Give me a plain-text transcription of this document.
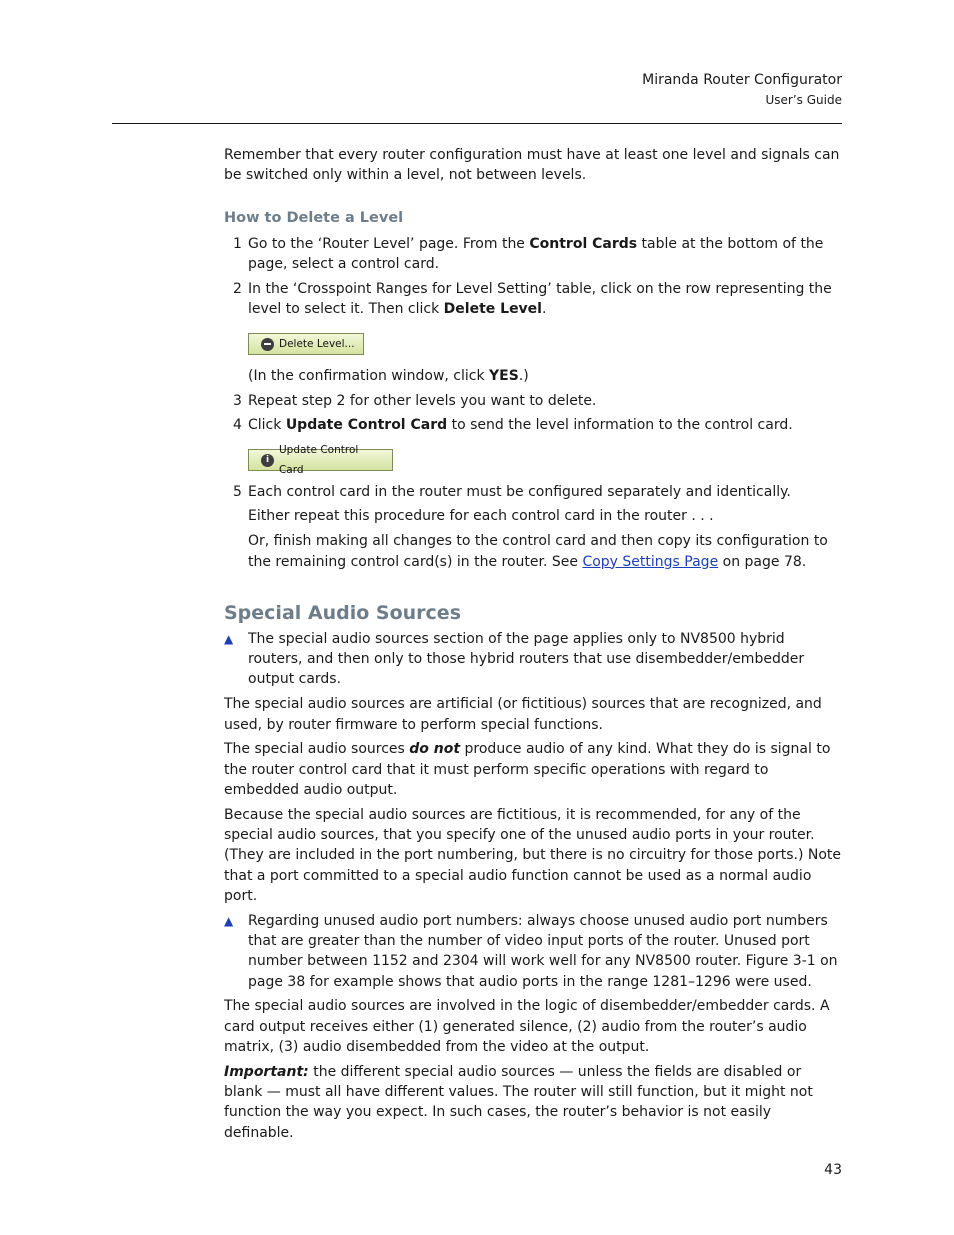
Miranda Router Configurator
User’s Guide

Remember that every router configuration must have at least one level and signals can be switched only within a level, not between levels.

How to Delete a Level
1 Go to the ‘Router Level’ page. From the Control Cards table at the bottom of the page, select a control card.
2 In the ‘Crosspoint Ranges for Level Setting’ table, click on the row representing the level to select it. Then click Delete Level.
Delete Level...
(In the confirmation window, click YES.)
3 Repeat step 2 for other levels you want to delete.
4 Click Update Control Card to send the level information to the control card.
i
Update Control Card
5 Each control card in the router must be configured separately and identically.
Either repeat this procedure for each control card in the router . . .
Or, finish making all changes to the control card and then copy its configuration to the remaining control card(s) in the router. See Copy Settings Page on page 78.
Special Audio Sources
▲ The special audio sources section of the page applies only to NV8500 hybrid routers, and then only to those hybrid routers that use disembedder/embedder output cards.

The special audio sources are artificial (or fictitious) sources that are recognized, and used, by router firmware to perform special functions.

The special audio sources do not produce audio of any kind. What they do is signal to the router control card that it must perform specific operations with regard to embedded audio output.

Because the special audio sources are fictitious, it is recommended, for any of the special audio sources, that you specify one of the unused audio ports in your router. (They are included in the port numbering, but there is no circuitry for those ports.) Note that a port committed to a special audio function cannot be used as a normal audio port.

▲ Regarding unused audio port numbers: always choose unused audio port numbers that are greater than the number of video input ports of the router. Unused port number between 1152 and 2304 will work well for any NV8500 router. Figure 3-1 on page 38 for example shows that audio ports in the range 1281–1296 were used.

The special audio sources are involved in the logic of disembedder/embedder cards. A card output receives either (1) generated silence, (2) audio from the router’s audio matrix, (3) audio disembedded from the video at the output.

Important: the different special audio sources — unless the fields are disabled or blank — must all have different values. The router will still function, but it might not function the way you expect. In such cases, the router’s behavior is not easily definable.

43
